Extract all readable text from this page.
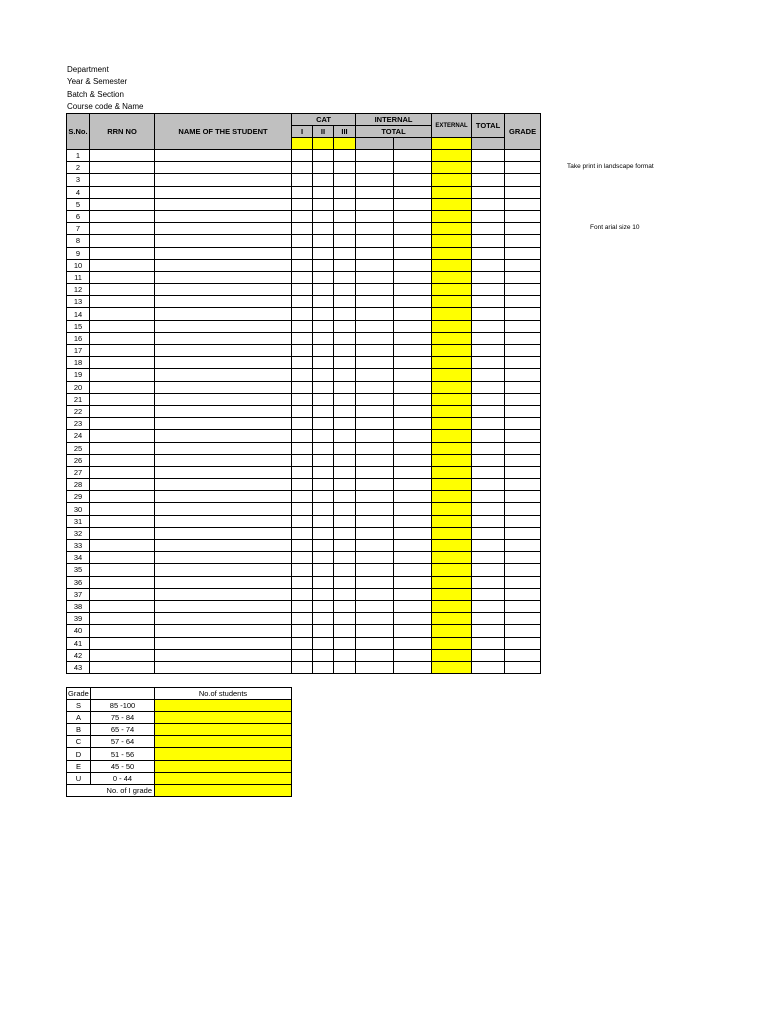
Department
Year & Semester
Batch & Section
Course code & Name
Take print in landscape format
Font arial size 10
S.No.	RRN NO	NAME OF THE STUDENT	CAT			INTERNAL		EXTERNAL	TOTAL	GRADE
			I	II	III	TOTAL				

1										
2										
3										
4										
5										
6										
7										
8										
9										
10										
11										
12										
13										
14										
15										
16										
17										
18										
19										
20										
21										
22										
23										
24										
25										
26										
27										
28										
29										
30										
31										
32										
33										
34										
35										
36										
37										
38										
39										
40										
41										
42										
43										
Grade		No.of students
S	85 -100	
A	75 - 84	
B	65 - 74	
C	57 - 64	
D	51 - 56	
E	45 - 50	
U	0 - 44	
No. of I grade		
